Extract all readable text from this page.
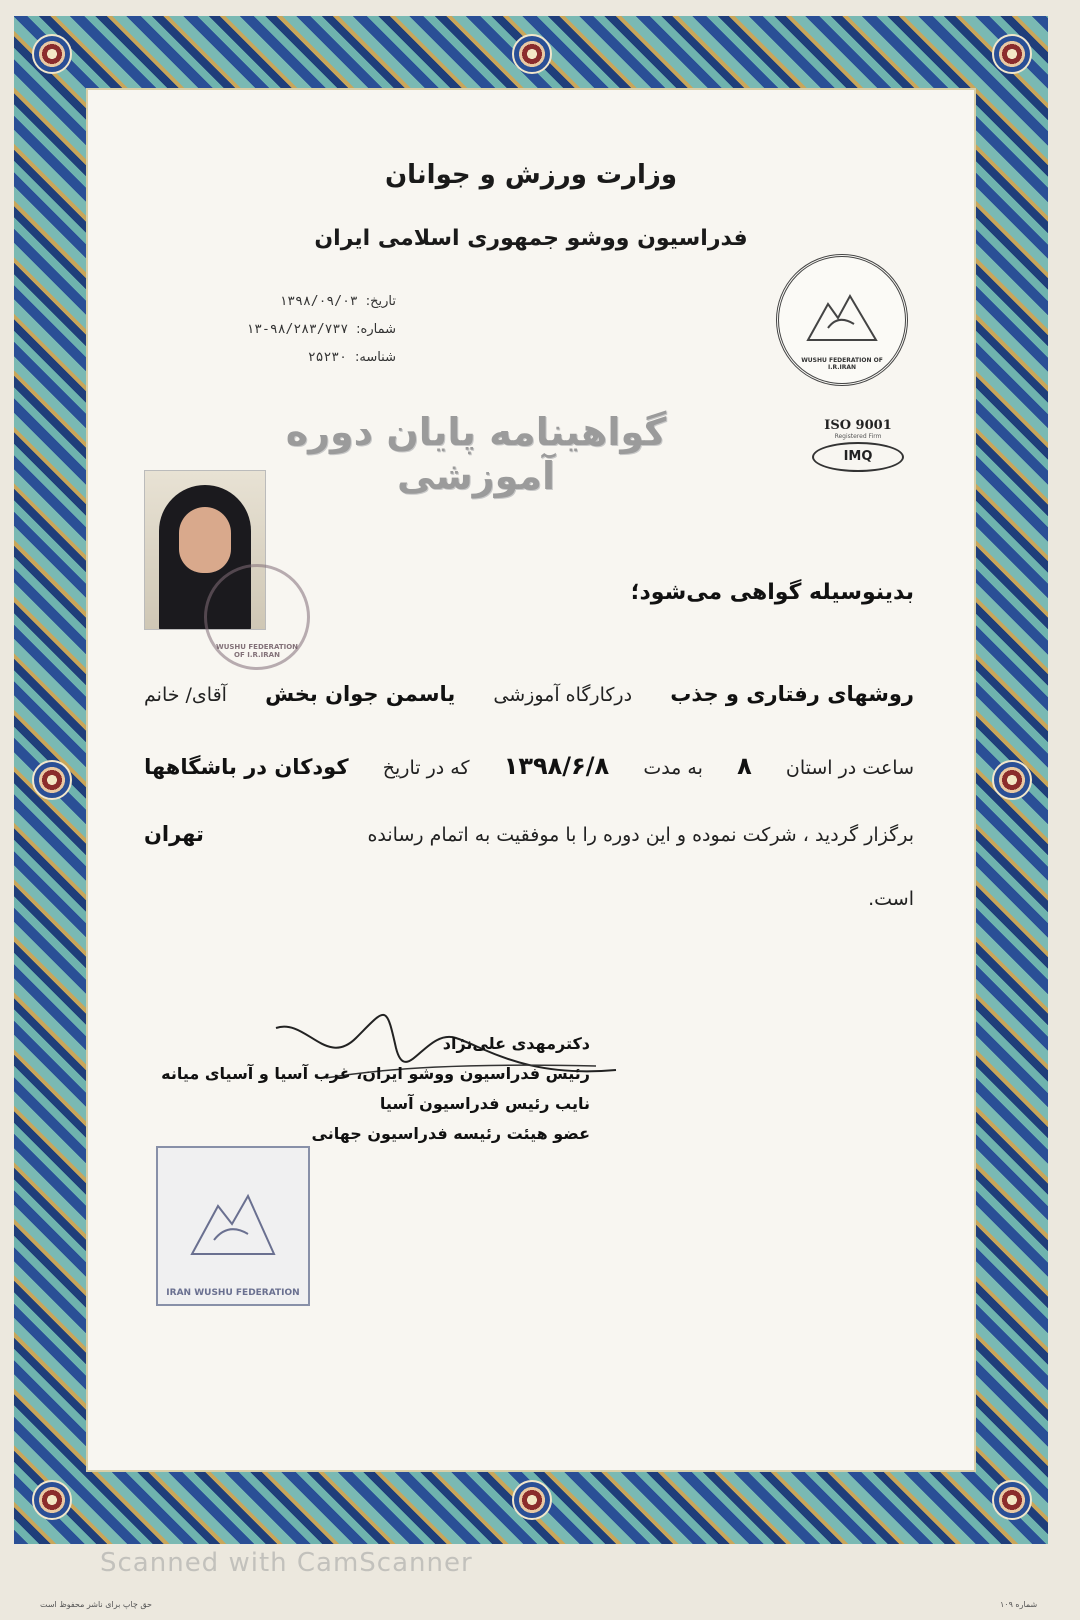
وزارت ورزش و جوانان
فدراسیون ووشو جمهوری اسلامی ایران
تاریخ:۱۳۹۸/۰۹/۰۳
شماره:۱۳-۹۸/۲۸۳/۷۳۷
شناسه:۲۵۲۳۰	WUSHU FEDERATION OF I.R.IRAN
ISO 9001
Registered Firm
IMQ
گواهینامه پایان دوره آموزشی
WUSHU FEDERATION OF I.R.IRAN
بدینوسیله گواهی می‌شود؛
آقای/ خانم یاسمن جوان بخش درکارگاه آموزشی روشهای رفتاری و جذب
کودکان در باشگاهها که در تاریخ ۱۳۹۸/۶/۸ به مدت ۸ ساعت در استان
تهران	برگزار گردید ، شرکت نموده و این دوره را با موفقیت به اتمام رسانده
است.
دکترمهدی علی‌نژاد
رئیس فدراسیون ووشو ایران، غرب آسیا و آسیای میانه
نایب رئیس فدراسیون آسیا
عضو هیئت رئیسه فدراسیون جهانی
IRAN WUSHU FEDERATION
Scanned with CamScanner
حق چاپ برای ناشر محفوظ است	شماره ۱۰۹
